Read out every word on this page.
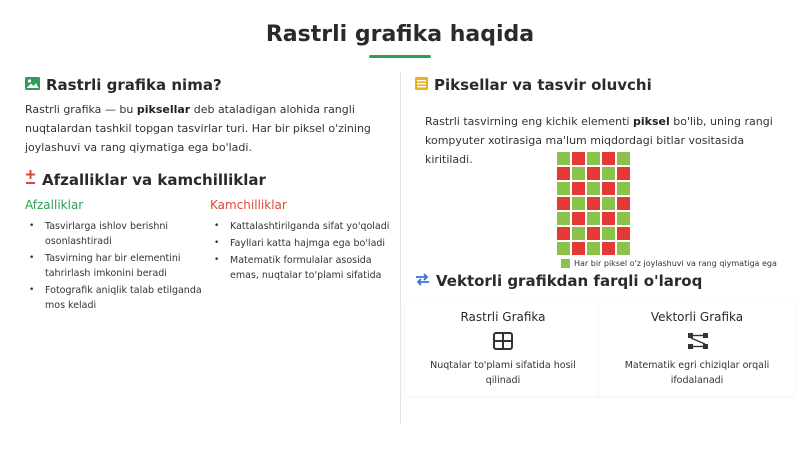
Rastrli grafika haqida
Rastrli grafika nima?
Rastrli grafika — bu piksellar deb ataladigan alohida rangli nuqtalardan tashkil topgan tasvirlar turi. Har bir piksel o'zining joylashuvi va rang qiymatiga ega bo'ladi.
Afzalliklar va kamchilliklar
Afzalliklar
• Tasvirlarga ishlov berishni osonlashtiradi
• Tasvirning har bir elementini tahrirlash imkonini beradi
• Fotografik aniqlik talab etilganda mos keladi
Kamchilliklar
• Kattalashtirilganda sifat yo'qoladi
• Fayllari katta hajmga ega bo'ladi
• Matematik formulalar asosida emas, nuqtalar to'plami sifatida
Piksellar va tasvir oluvchi
Rastrli tasvirning eng kichik elementi piksel bo'lib, uning rangi kompyuter xotirasiga ma'lum miqdordagi bitlar vositasida kiritiladi.
Har bir piksel o'z joylashuvi va rang qiymatiga ega
Vektorli grafikdan farqli o'laroq
Rastrli Grafika
Nuqtalar to'plami sifatida hosil qilinadi
Vektorli Grafika
Matematik egri chiziqlar orqali ifodalanadi
